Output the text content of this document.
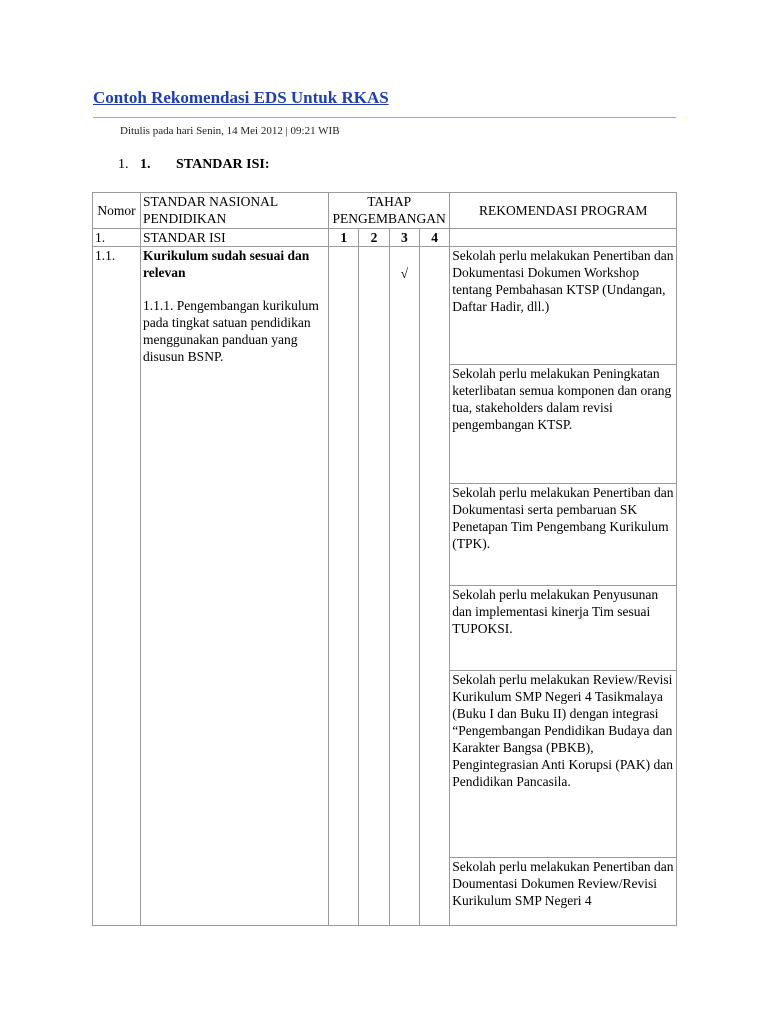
Contoh Rekomendasi EDS Untuk RKAS
Ditulis pada hari Senin, 14 Mei 2012 | 09:21 WIB
1. 1. STANDAR ISI:
Nomor	STANDAR NASIONAL PENDIDIKAN	TAHAP PENGEMBANGAN				REKOMENDASI PROGRAM
1.	STANDAR ISI	1	2	3	4	
1.1.	Kurikulum sudah sesuai dan relevan
1.1.1. Pengembangan kurikulum pada tingkat satuan pendidikan menggunakan panduan yang disusun BSNP.			√		Sekolah perlu melakukan Penertiban dan Dokumentasi Dokumen Workshop tentang Pembahasan KTSP (Undangan, Daftar Hadir, dll.)
						Sekolah perlu melakukan Peningkatan keterlibatan semua komponen dan orang tua, stakeholders dalam revisi pengembangan KTSP.
						Sekolah perlu melakukan Penertiban dan Dokumentasi serta pembaruan SK Penetapan Tim Pengembang Kurikulum (TPK).
						Sekolah perlu melakukan Penyusunan dan implementasi kinerja Tim sesuai TUPOKSI.
						Sekolah perlu melakukan Review/Revisi Kurikulum SMP Negeri 4 Tasikmalaya (Buku I dan Buku II) dengan integrasi “Pengembangan Pendidikan Budaya dan Karakter Bangsa (PBKB), Pengintegrasian Anti Korupsi (PAK) dan Pendidikan Pancasila.
						Sekolah perlu melakukan Penertiban dan Doumentasi Dokumen Review/Revisi Kurikulum SMP Negeri 4
